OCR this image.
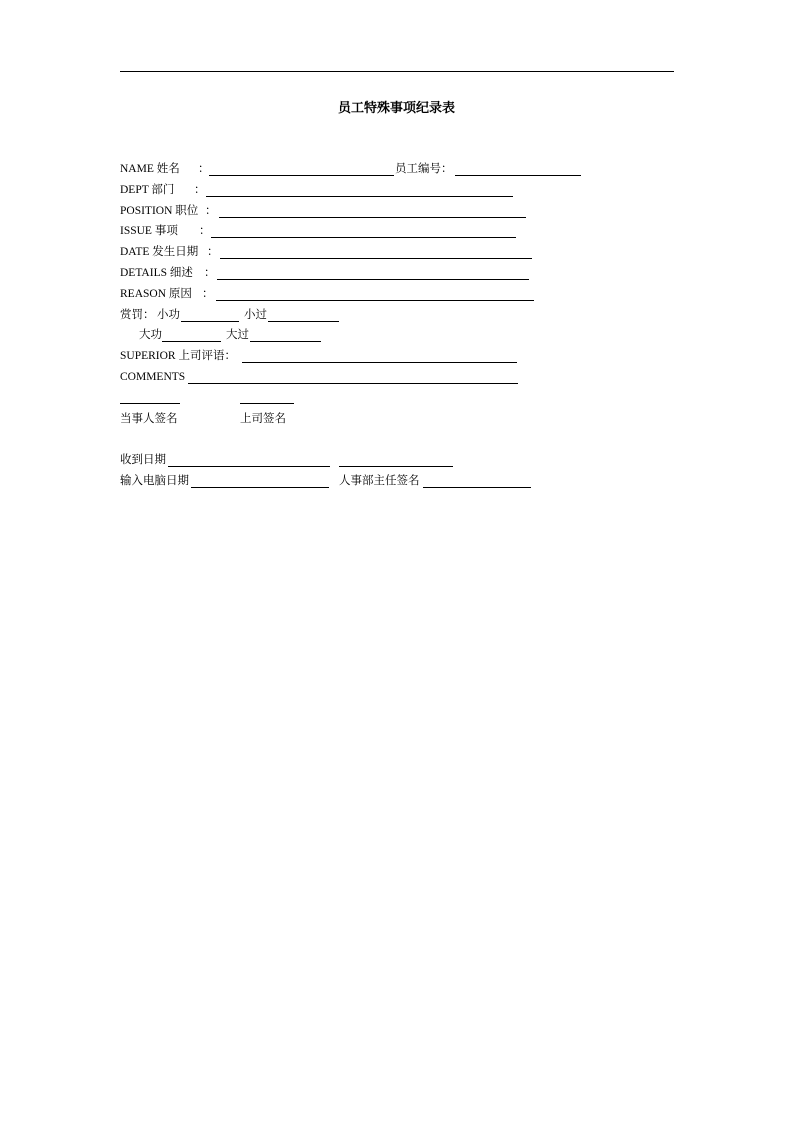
员工特殊事项纪录表
NAME 姓名 ：	员工编号：
DEPT 部门 ：
POSITION 职位 ：
ISSUE 事项 ：
DATE 发生日期 ：
DETAILS 细述 ：
REASON 原因 ：
赏罚： 小功	小过
大功	大过
SUPERIOR 上司评语：
COMMENTS
当事人签名	上司签名
收到日期
输入电脑日期	人事部主任签名
